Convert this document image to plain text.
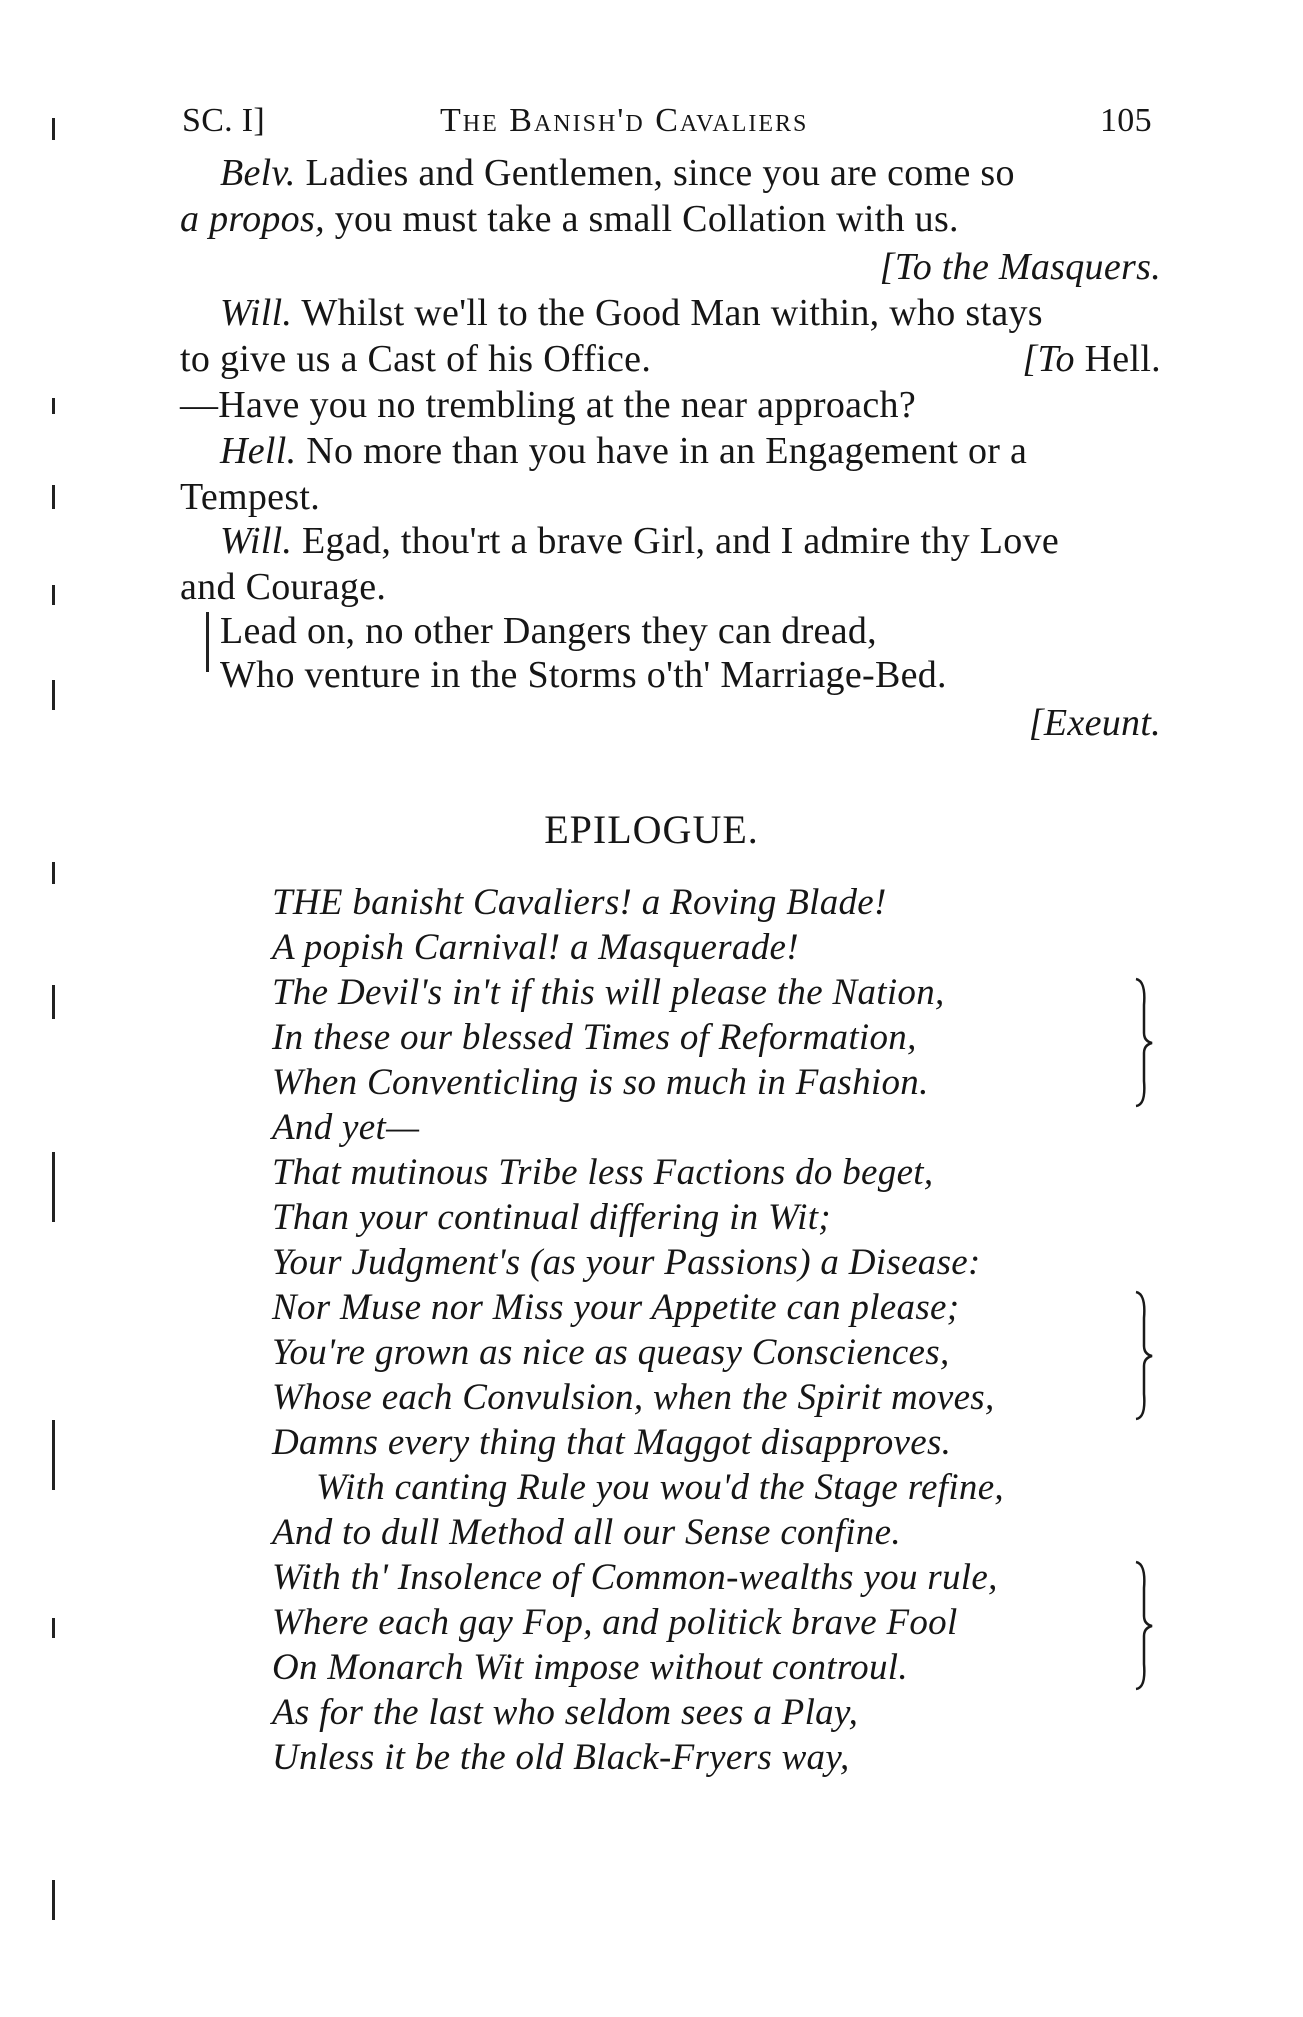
SC. I]	The Banish'd Cavaliers	105
Belv. Ladies and Gentlemen, since you are come so
a propos, you must take a small Collation with us.
[To the Masquers.
Will. Whilst we'll to the Good Man within, who stays
to give us a Cast of his Office.	[To Hell.
—Have you no trembling at the near approach?
Hell. No more than you have in an Engagement or a
Tempest.
Will. Egad, thou'rt a brave Girl, and I admire thy Love
and Courage.
Lead on, no other Dangers they can dread,
Who venture in the Storms o'th' Marriage-Bed.
[Exeunt.
EPILOGUE.
THE banisht Cavaliers! a Roving Blade!
A popish Carnival! a Masquerade!
The Devil's in't if this will please the Nation,
In these our blessed Times of Reformation,
When Conventicling is so much in Fashion.
And yet—
That mutinous Tribe less Factions do beget,
Than your continual differing in Wit;
Your Judgment's (as your Passions) a Disease:
Nor Muse nor Miss your Appetite can please;
You're grown as nice as queasy Consciences,
Whose each Convulsion, when the Spirit moves,
Damns every thing that Maggot disapproves.
With canting Rule you wou'd the Stage refine,
And to dull Method all our Sense confine.
With th' Insolence of Common-wealths you rule,
Where each gay Fop, and politick brave Fool
On Monarch Wit impose without controul.
As for the last who seldom sees a Play,
Unless it be the old Black-Fryers way,
